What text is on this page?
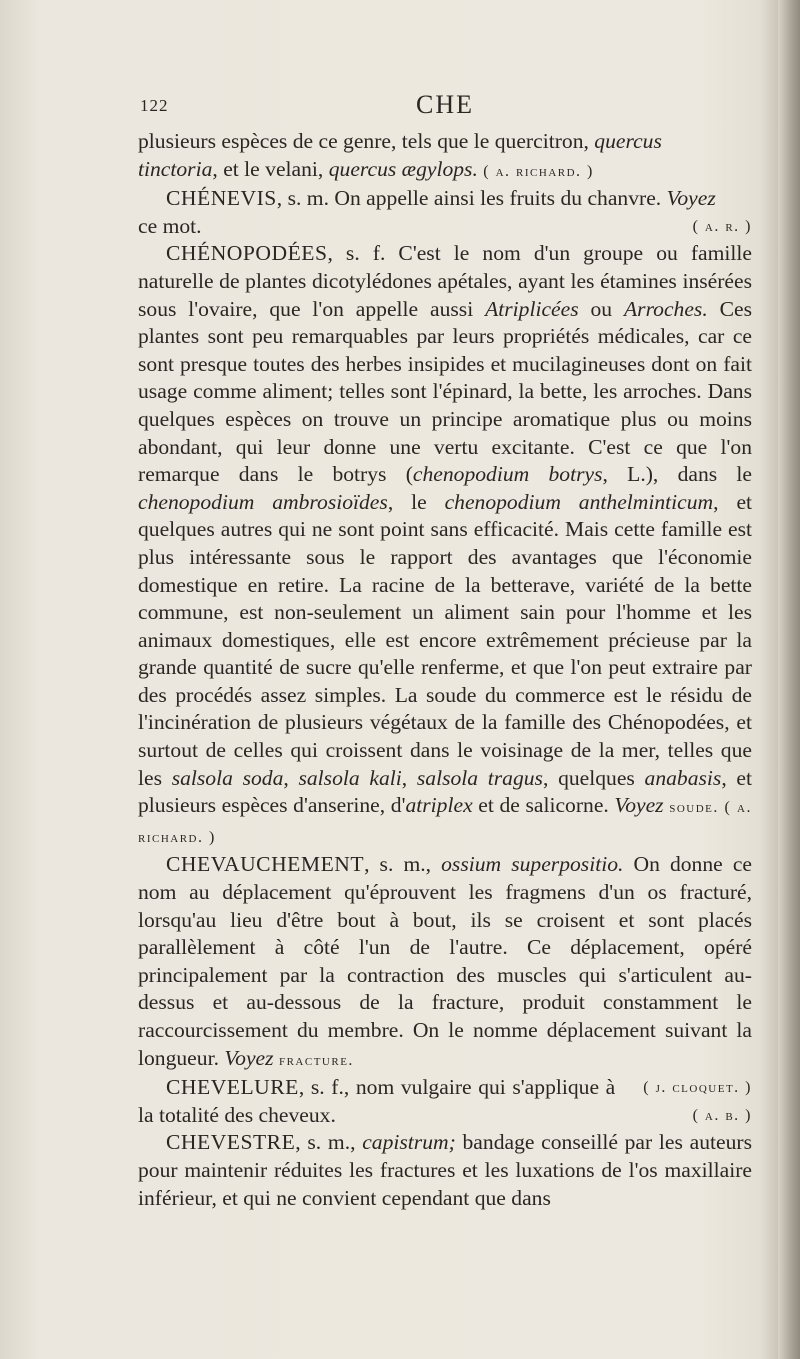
122	CHE

plusieurs espèces de ce genre, tels que le quercitron, quercus
tinctoria, et le velani, quercus ægylops. ( a. richard. )

CHÉNEVIS, s. m. On appelle ainsi les fruits du chanvre. Voyez
ce mot.	( a. r. )

CHÉNOPODÉES, s. f. C'est le nom d'un groupe ou famille naturelle de plantes dicotylédones apétales, ayant les étamines insérées sous l'ovaire, que l'on appelle aussi Atriplicées ou Arroches. Ces plantes sont peu remarquables par leurs propriétés médicales, car ce sont presque toutes des herbes insipides et mucilagineuses dont on fait usage comme aliment; telles sont l'épinard, la bette, les arroches. Dans quelques espèces on trouve un principe aromatique plus ou moins abondant, qui leur donne une vertu excitante. C'est ce que l'on remarque dans le botrys (chenopodium botrys, L.), dans le chenopodium ambrosioïdes, le chenopodium anthelminticum, et quelques autres qui ne sont point sans efficacité. Mais cette famille est plus intéressante sous le rapport des avantages que l'économie domestique en retire. La racine de la betterave, variété de la bette commune, est non-seulement un aliment sain pour l'homme et les animaux domestiques, elle est encore extrêmement précieuse par la grande quantité de sucre qu'elle renferme, et que l'on peut extraire par des procédés assez simples. La soude du commerce est le résidu de l'incinération de plusieurs végétaux de la famille des Chénopodées, et surtout de celles qui croissent dans le voisinage de la mer, telles que les salsola soda, salsola kali, salsola tragus, quelques anabasis, et plusieurs espèces d'anserine, d'atriplex et de salicorne. Voyez soude. ( a. richard. )

CHEVAUCHEMENT, s. m., ossium superpositio. On donne ce nom au déplacement qu'éprouvent les fragmens d'un os fracturé, lorsqu'au lieu d'être bout à bout, ils se croisent et sont placés parallèlement à côté l'un de l'autre. Ce déplacement, opéré principalement par la contraction des muscles qui s'articulent au-dessus et au-dessous de la fracture, produit constamment le raccourcissement du membre. On le nomme déplacement suivant la longueur. Voyez fracture.

( j. cloquet. )

CHEVELURE, s. f., nom vulgaire qui s'applique à la totalité des cheveux.	( a. b. )

CHEVESTRE, s. m., capistrum; bandage conseillé par les auteurs pour maintenir réduites les fractures et les luxations de l'os maxillaire inférieur, et qui ne convient cependant que dans
